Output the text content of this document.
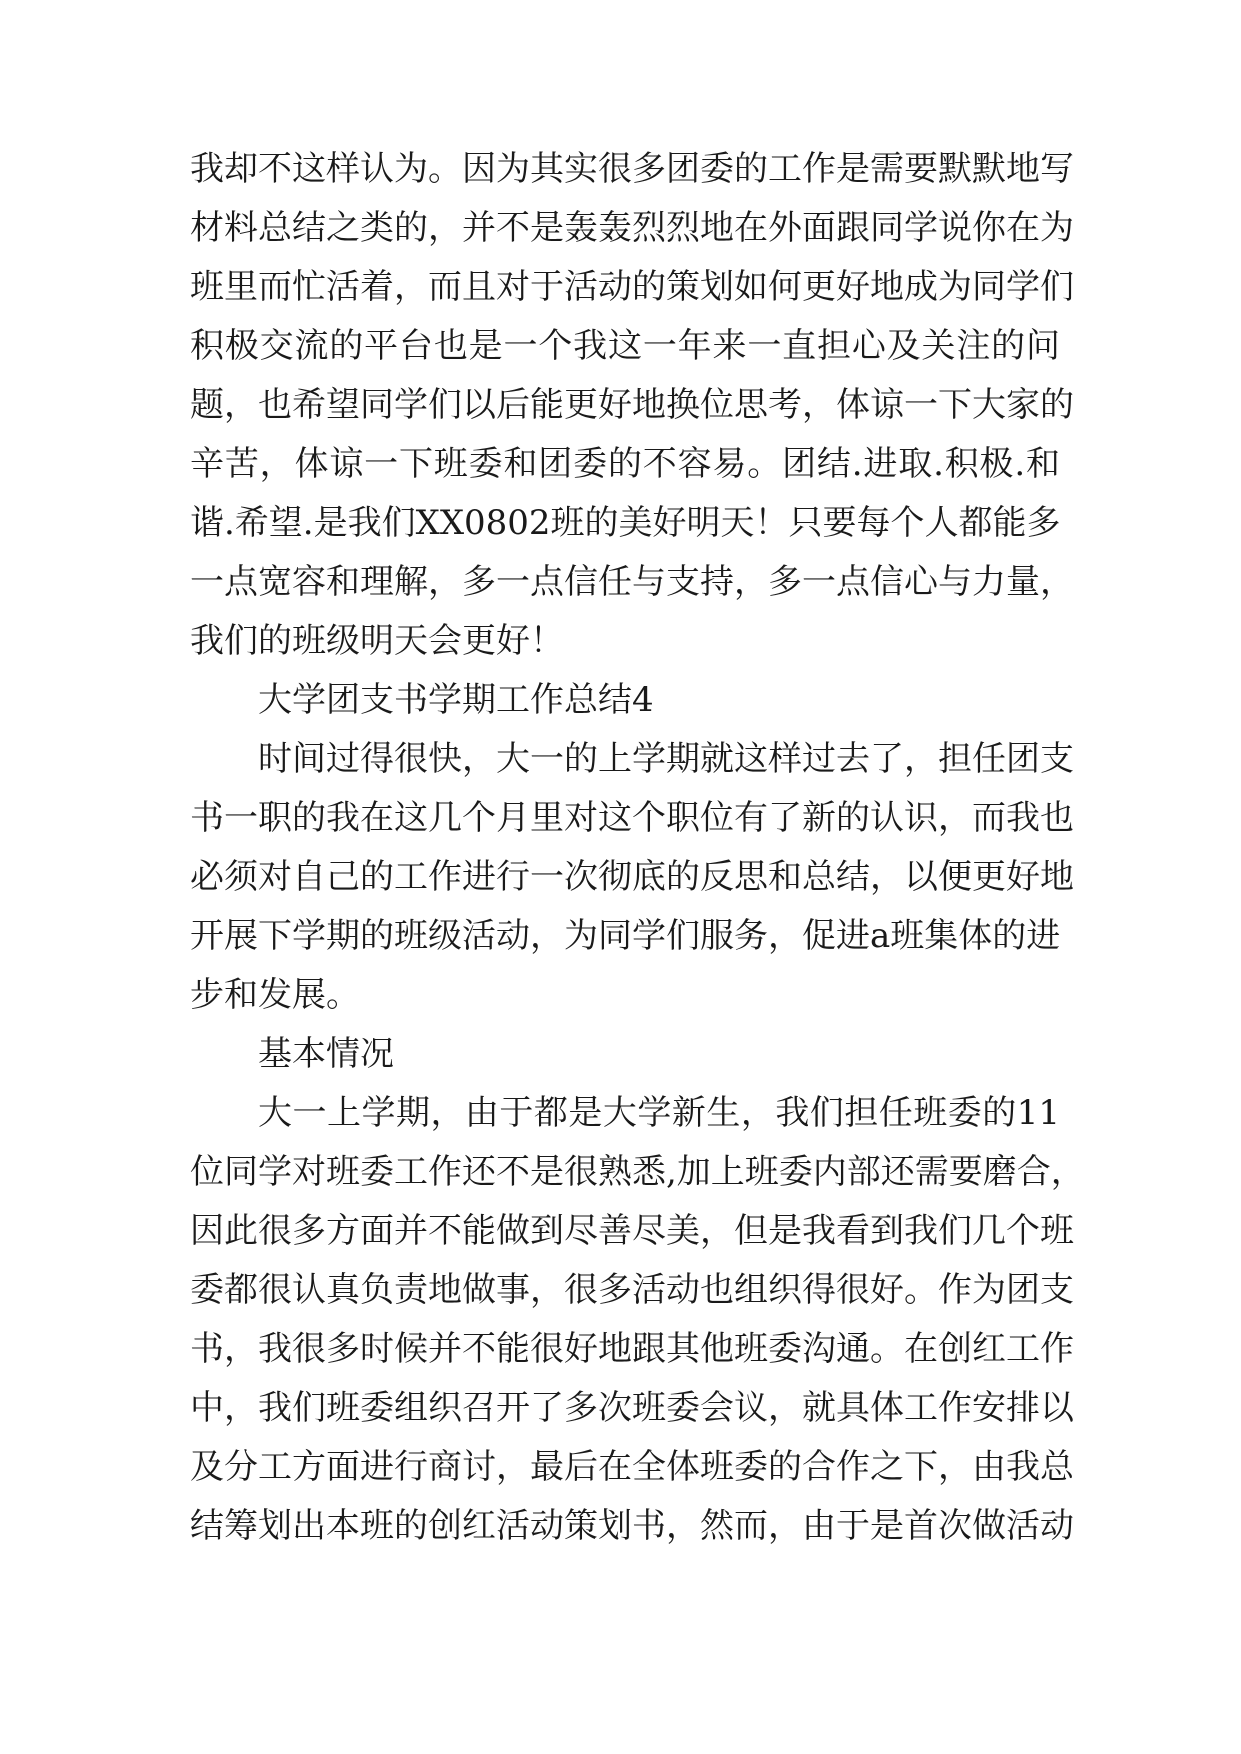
我却不这样认为。因为其实很多团委的工作是需要默默地写
材料总结之类的，并不是轰轰烈烈地在外面跟同学说你在为
班里而忙活着，而且对于活动的策划如何更好地成为同学们
积极交流的平台也是一个我这一年来一直担心及关注的问
题，也希望同学们以后能更好地换位思考，体谅一下大家的
辛苦，体谅一下班委和团委的不容易。团结.进取.积极.和
谐.希望.是我们XX0802班的美好明天！只要每个人都能多
一点宽容和理解，多一点信任与支持，多一点信心与力量，
我们的班级明天会更好！
大学团支书学期工作总结4
时间过得很快，大一的上学期就这样过去了，担任团支
书一职的我在这几个月里对这个职位有了新的认识，而我也
必须对自己的工作进行一次彻底的反思和总结，以便更好地
开展下学期的班级活动，为同学们服务，促进a班集体的进
步和发展。
基本情况
大一上学期，由于都是大学新生，我们担任班委的11
位同学对班委工作还不是很熟悉,加上班委内部还需要磨合，
因此很多方面并不能做到尽善尽美，但是我看到我们几个班
委都很认真负责地做事，很多活动也组织得很好。作为团支
书，我很多时候并不能很好地跟其他班委沟通。在创红工作
中，我们班委组织召开了多次班委会议，就具体工作安排以
及分工方面进行商讨，最后在全体班委的合作之下，由我总
结筹划出本班的创红活动策划书，然而，由于是首次做活动
